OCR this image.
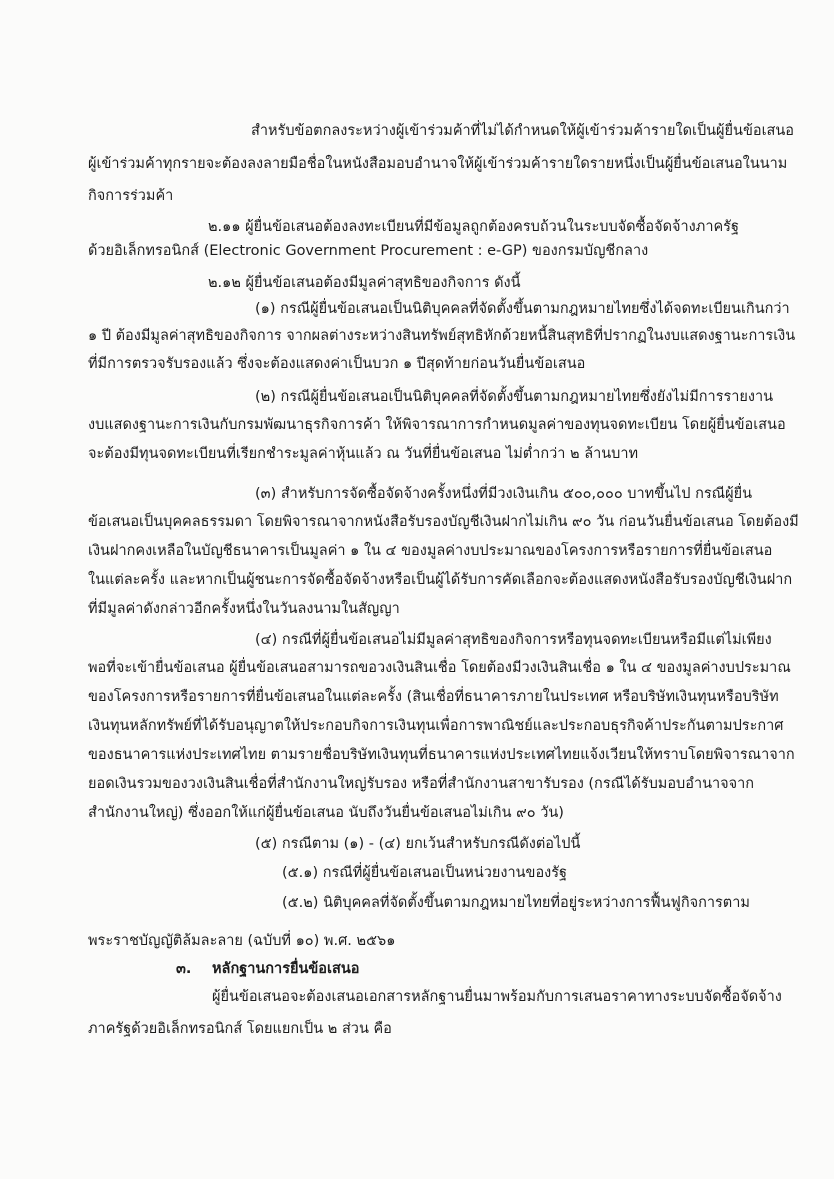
สำหรับข้อตกลงระหว่างผู้เข้าร่วมค้าที่ไม่ได้กำหนดให้ผู้เข้าร่วมค้ารายใดเป็นผู้ยื่นข้อเสนอ
ผู้เข้าร่วมค้าทุกรายจะต้องลงลายมือชื่อในหนังสือมอบอำนาจให้ผู้เข้าร่วมค้ารายใดรายหนึ่งเป็นผู้ยื่นข้อเสนอในนาม
กิจการร่วมค้า
๒.๑๑ ผู้ยื่นข้อเสนอต้องลงทะเบียนที่มีข้อมูลถูกต้องครบถ้วนในระบบจัดซื้อจัดจ้างภาครัฐ
ด้วยอิเล็กทรอนิกส์ (Electronic Government Procurement : e-GP) ของกรมบัญชีกลาง
๒.๑๒ ผู้ยื่นข้อเสนอต้องมีมูลค่าสุทธิของกิจการ ดังนี้
(๑) กรณีผู้ยื่นข้อเสนอเป็นนิติบุคคลที่จัดตั้งขึ้นตามกฎหมายไทยซึ่งได้จดทะเบียนเกินกว่า
๑ ปี ต้องมีมูลค่าสุทธิของกิจการ จากผลต่างระหว่างสินทรัพย์สุทธิหักด้วยหนี้สินสุทธิที่ปรากฏในงบแสดงฐานะการเงิน
ที่มีการตรวจรับรองแล้ว ซึ่งจะต้องแสดงค่าเป็นบวก ๑ ปีสุดท้ายก่อนวันยื่นข้อเสนอ
(๒) กรณีผู้ยื่นข้อเสนอเป็นนิติบุคคลที่จัดตั้งขึ้นตามกฎหมายไทยซึ่งยังไม่มีการรายงาน
งบแสดงฐานะการเงินกับกรมพัฒนาธุรกิจการค้า ให้พิจารณาการกำหนดมูลค่าของทุนจดทะเบียน โดยผู้ยื่นข้อเสนอ
จะต้องมีทุนจดทะเบียนที่เรียกชำระมูลค่าหุ้นแล้ว ณ วันที่ยื่นข้อเสนอ ไม่ต่ำกว่า ๒ ล้านบาท
(๓) สำหรับการจัดซื้อจัดจ้างครั้งหนึ่งที่มีวงเงินเกิน ๕๐๐,๐๐๐ บาทขึ้นไป กรณีผู้ยื่น
ข้อเสนอเป็นบุคคลธรรมดา โดยพิจารณาจากหนังสือรับรองบัญชีเงินฝากไม่เกิน ๙๐ วัน ก่อนวันยื่นข้อเสนอ โดยต้องมี
เงินฝากคงเหลือในบัญชีธนาคารเป็นมูลค่า ๑ ใน ๔ ของมูลค่างบประมาณของโครงการหรือรายการที่ยื่นข้อเสนอ
ในแต่ละครั้ง และหากเป็นผู้ชนะการจัดซื้อจัดจ้างหรือเป็นผู้ได้รับการคัดเลือกจะต้องแสดงหนังสือรับรองบัญชีเงินฝาก
ที่มีมูลค่าดังกล่าวอีกครั้งหนึ่งในวันลงนามในสัญญา
(๔) กรณีที่ผู้ยื่นข้อเสนอไม่มีมูลค่าสุทธิของกิจการหรือทุนจดทะเบียนหรือมีแต่ไม่เพียง
พอที่จะเข้ายื่นข้อเสนอ ผู้ยื่นข้อเสนอสามารถขอวงเงินสินเชื่อ โดยต้องมีวงเงินสินเชื่อ ๑ ใน ๔ ของมูลค่างบประมาณ
ของโครงการหรือรายการที่ยื่นข้อเสนอในแต่ละครั้ง (สินเชื่อที่ธนาคารภายในประเทศ หรือบริษัทเงินทุนหรือบริษัท
เงินทุนหลักทรัพย์ที่ได้รับอนุญาตให้ประกอบกิจการเงินทุนเพื่อการพาณิชย์และประกอบธุรกิจค้าประกันตามประกาศ
ของธนาคารแห่งประเทศไทย ตามรายชื่อบริษัทเงินทุนที่ธนาคารแห่งประเทศไทยแจ้งเวียนให้ทราบโดยพิจารณาจาก
ยอดเงินรวมของวงเงินสินเชื่อที่สำนักงานใหญ่รับรอง หรือที่สำนักงานสาขารับรอง (กรณีได้รับมอบอำนาจจาก
สำนักงานใหญ่) ซึ่งออกให้แก่ผู้ยื่นข้อเสนอ นับถึงวันยื่นข้อเสนอไม่เกิน ๙๐ วัน)
(๕) กรณีตาม (๑) - (๔) ยกเว้นสำหรับกรณีดังต่อไปนี้
(๕.๑) กรณีที่ผู้ยื่นข้อเสนอเป็นหน่วยงานของรัฐ
(๕.๒) นิติบุคคลที่จัดตั้งขึ้นตามกฎหมายไทยที่อยู่ระหว่างการฟื้นฟูกิจการตาม
พระราชบัญญัติล้มละลาย (ฉบับที่ ๑๐) พ.ศ. ๒๕๖๑
๓. หลักฐานการยื่นข้อเสนอ
ผู้ยื่นข้อเสนอจะต้องเสนอเอกสารหลักฐานยื่นมาพร้อมกับการเสนอราคาทางระบบจัดซื้อจัดจ้าง
ภาครัฐด้วยอิเล็กทรอนิกส์ โดยแยกเป็น ๒ ส่วน คือ
